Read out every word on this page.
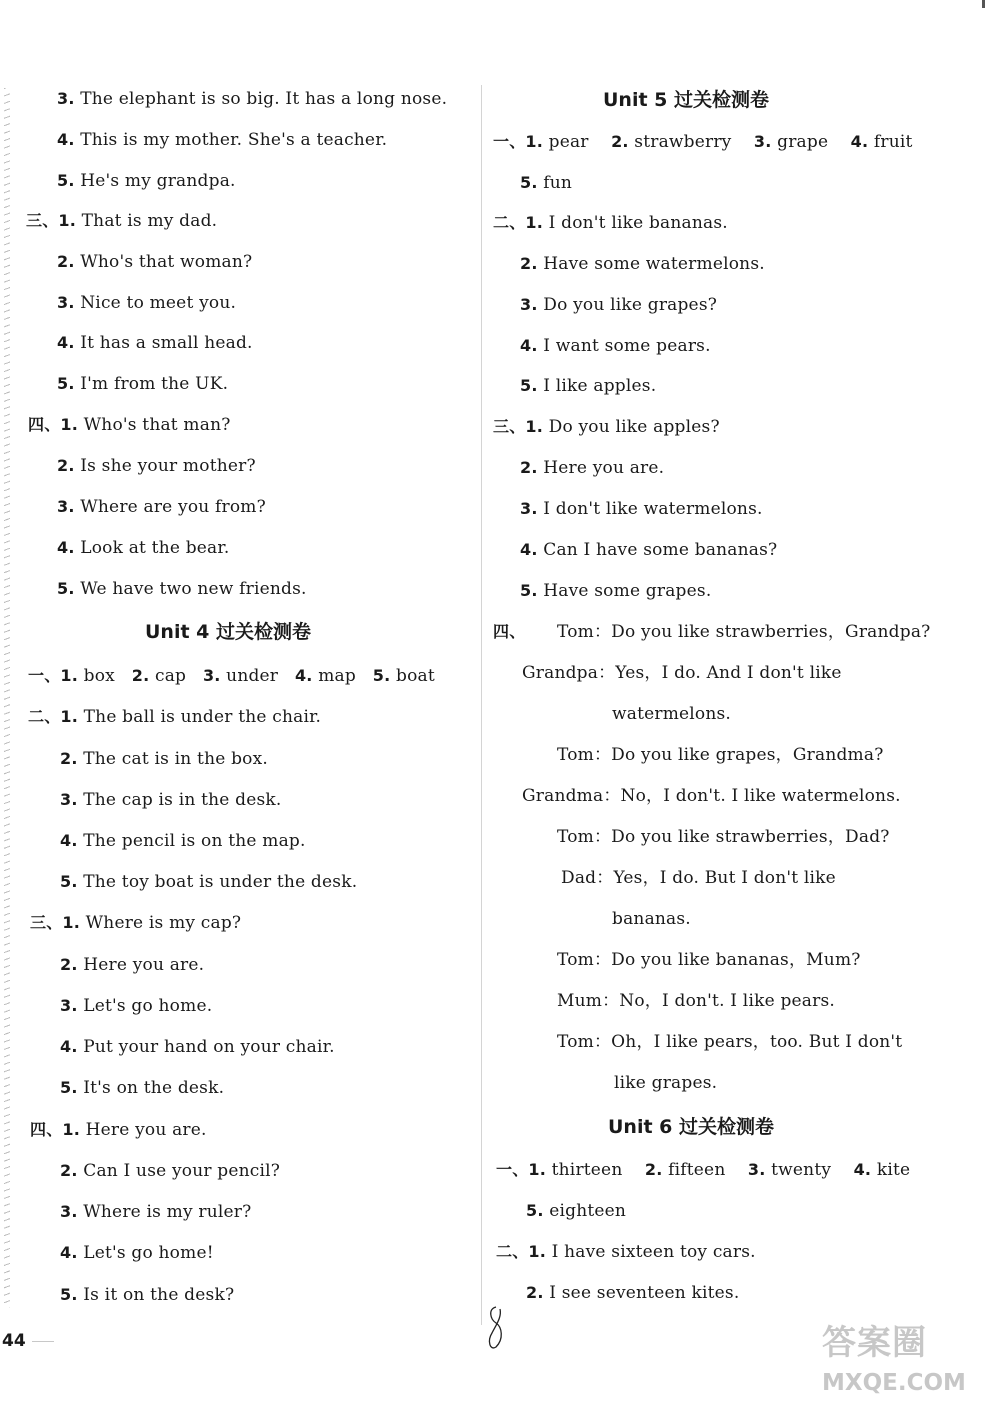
3. The elephant is so big. It has a long nose.
4. This is my mother. She's a teacher.
5. He's my grandpa.
三、1. That is my dad.
2. Who's that woman?
3. Nice to meet you.
4. It has a small head.
5. I'm from the UK.
四、1. Who's that man?
2. Is she your mother?
3. Where are you from?
4. Look at the bear.
5. We have two new friends.
Unit 4 过关检测卷
一、1. box 2. cap 3. under 4. map 5. boat
二、1. The ball is under the chair.
2. The cat is in the box.
3. The cap is in the desk.
4. The pencil is on the map.
5. The toy boat is under the desk.
三、1. Where is my cap?
2. Here you are.
3. Let's go home.
4. Put your hand on your chair.
5. It's on the desk.
四、1. Here you are.
2. Can I use your pencil?
3. Where is my ruler?
4. Let's go home!
5. Is it on the desk?
Unit 5 过关检测卷
一、1. pear 2. strawberry 3. grape 4. fruit
5. fun
二、1. I don't like bananas.
2. Have some watermelons.
3. Do you like grapes?
4. I want some pears.
5. I like apples.
三、1. Do you like apples?
2. Here you are.
3. I don't like watermelons.
4. Can I have some bananas?
5. Have some grapes.
四、 Tom：Do you like strawberries，Grandpa?
Grandpa：Yes，I do. And I don't like
watermelons.
Tom：Do you like grapes，Grandma?
Grandma：No，I don't. I like watermelons.
Tom：Do you like strawberries，Dad?
Dad：Yes，I do. But I don't like
bananas.
Tom：Do you like bananas，Mum?
Mum：No，I don't. I like pears.
Tom：Oh，I like pears，too. But I don't
like grapes.
Unit 6 过关检测卷
一、1. thirteen 2. fifteen 3. twenty 4. kite
5. eighteen
二、1. I have sixteen toy cars.
2. I see seventeen kites.
44	答案圈
MXQE.COM
